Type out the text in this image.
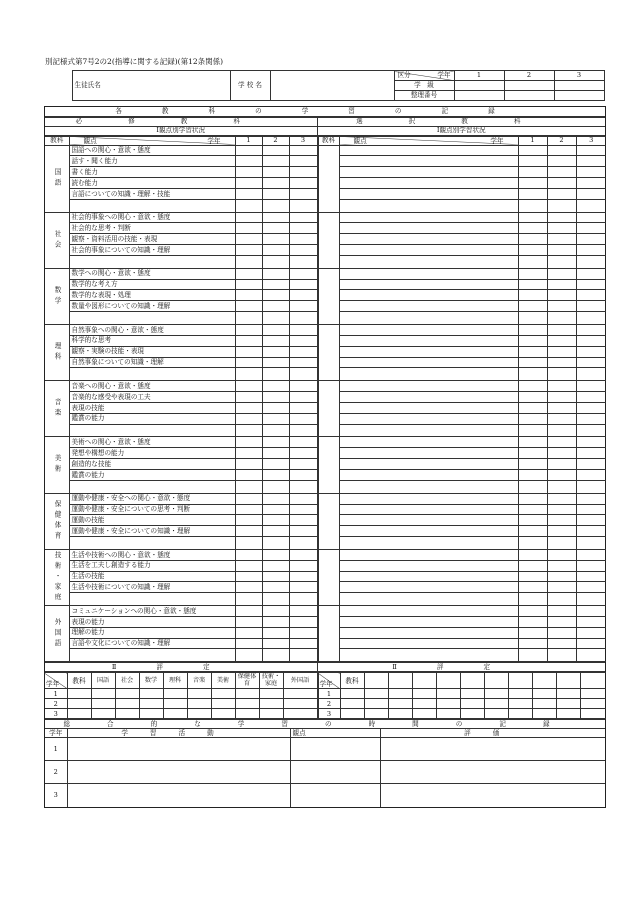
別記様式第7号2の2(指導に関する記録)(第12条関係)
	生徒氏名	学 校 名		区分 学年	1	2	3
				学　級			
				整理番号			
各教科の学習の記録
必修教科	選択教科
Ⅰ観点別学習状況	Ⅰ観点別学習状況
教科	観点 学年	1	2	3
国語	国語への関心・意欲・態度			
	話す・聞く能力			
	書く能力			
	読む能力			
	言語についての知識・理解・技能			

社会	社会的事象への関心・意欲・態度			
	社会的な思考・判断			
	観察・資料活用の技能・表現			
	社会的事象についての知識・理解			

数学	数学への関心・意欲・態度			
	数学的な考え方			
	数学的な表現・処理			
	数量や図形についての知識・理解			

理科	自然事象への関心・意欲・態度			
	科学的な思考			
	観察・実験の技能・表現			
	自然事象についての知識・理解			

音楽	音楽への関心・意欲・態度			
	音楽的な感受や表現の工夫			
	表現の技能			
	鑑賞の能力			

美術	美術への関心・意欲・態度			
	発想や構想の能力			
	創造的な技能			
	鑑賞の能力			

保健体育	運動や健康・安全への関心・意欲・態度			
	運動や健康・安全についての思考・判断			
	運動の技能			
	運動や健康・安全についての知識・理解			

技術・家庭	生活や技術への関心・意欲・態度			
	生活を工夫し創造する能力			
	生活の技能			
	生活や技術についての知識・理解			

外国語	コミュニケーションへの関心・意欲・態度			
	表現の能力			
	理解の能力			
	言語や文化についての知識・理解			

教科	観点 学年	1	2	3

Ⅱ評定	Ⅱ評定
学年	教科	国語	社会	数学	理科	音楽	美術	保健体育	技術・家庭	外国語
1										
2										
3										
学年	教科										
1											
2											
3											
総合的な学習の時間の記録			
学年	学習活動	観点	評価
1			
2			
3			
